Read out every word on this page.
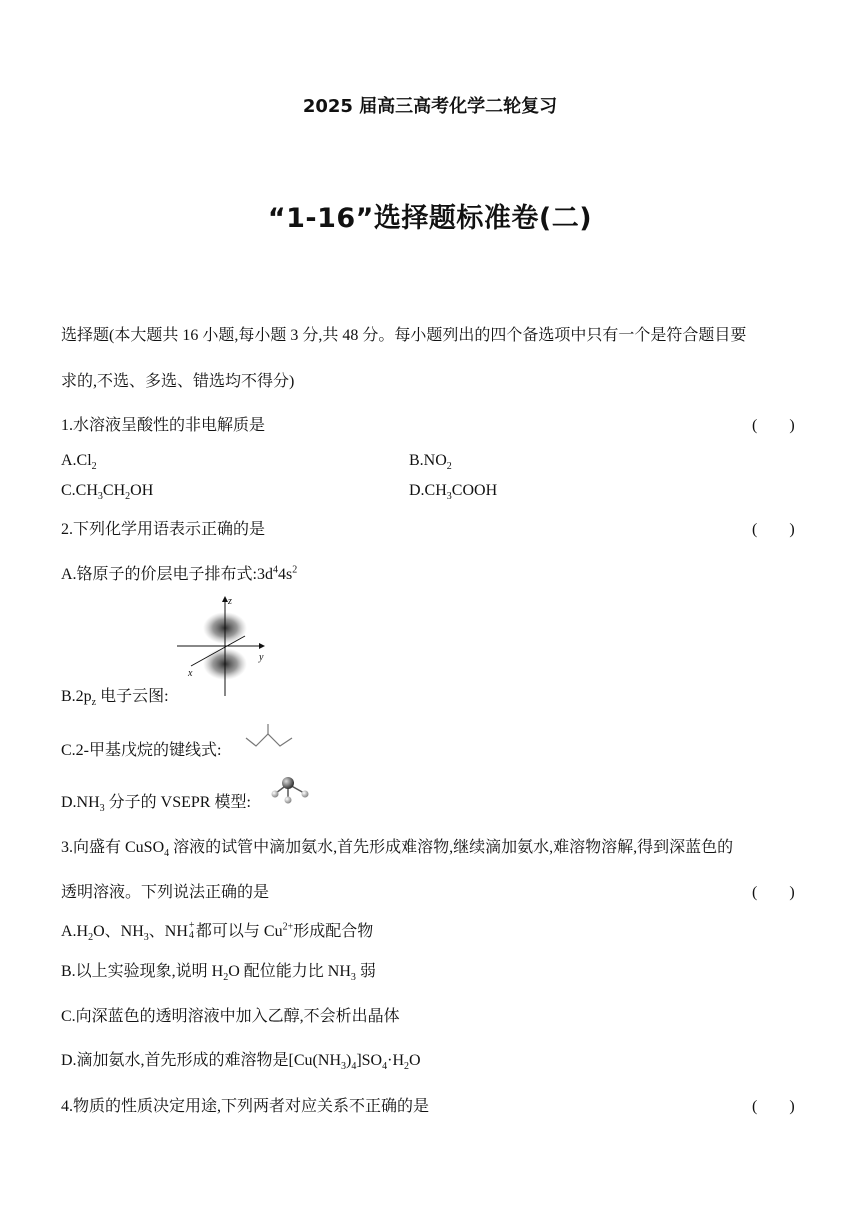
2025 届高三高考化学二轮复习
“1-16”选择题标准卷(二)
选择题(本大题共 16 小题,每小题 3 分,共 48 分。每小题列出的四个备选项中只有一个是符合题目要
求的,不选、多选、错选均不得分)
1.水溶液呈酸性的非电解质是	(　　)
$A.Cl_2$	$B.NO_2$
$C.CH_3CH_2OH$	$D.CH_3COOH$
2.下列化学用语表示正确的是	(　　)
A.铬原子的价层电子排布式$:3d^44s^2$
z
y
x
$B.2p_z$ 电子云图:
C.2-甲基戊烷的键线式:
$D.NH_3$ 分子的 VSEPR 模型:
3.向盛有 CuSO$_4$ 溶液的试管中滴加氨水,首先形成难溶物,继续滴加氨水,难溶物溶解,得到深蓝色的
透明溶液。下列说法正确的是	(　　)
$A.H_2O$、$NH_3$、NH +
4 都可以与 $Cu^{2+}$形成配合物
B.以上实验现象,说明 $H_2O$ 配位能力比 $NH_3$ 弱
C.向深蓝色的透明溶液中加入乙醇,不会析出晶体
D.滴加氨水,首先形成的难溶物是$[Cu(NH_3)_4]SO_4\cdot H_2O$
4.物质的性质决定用途,下列两者对应关系不正确的是	(　　)
